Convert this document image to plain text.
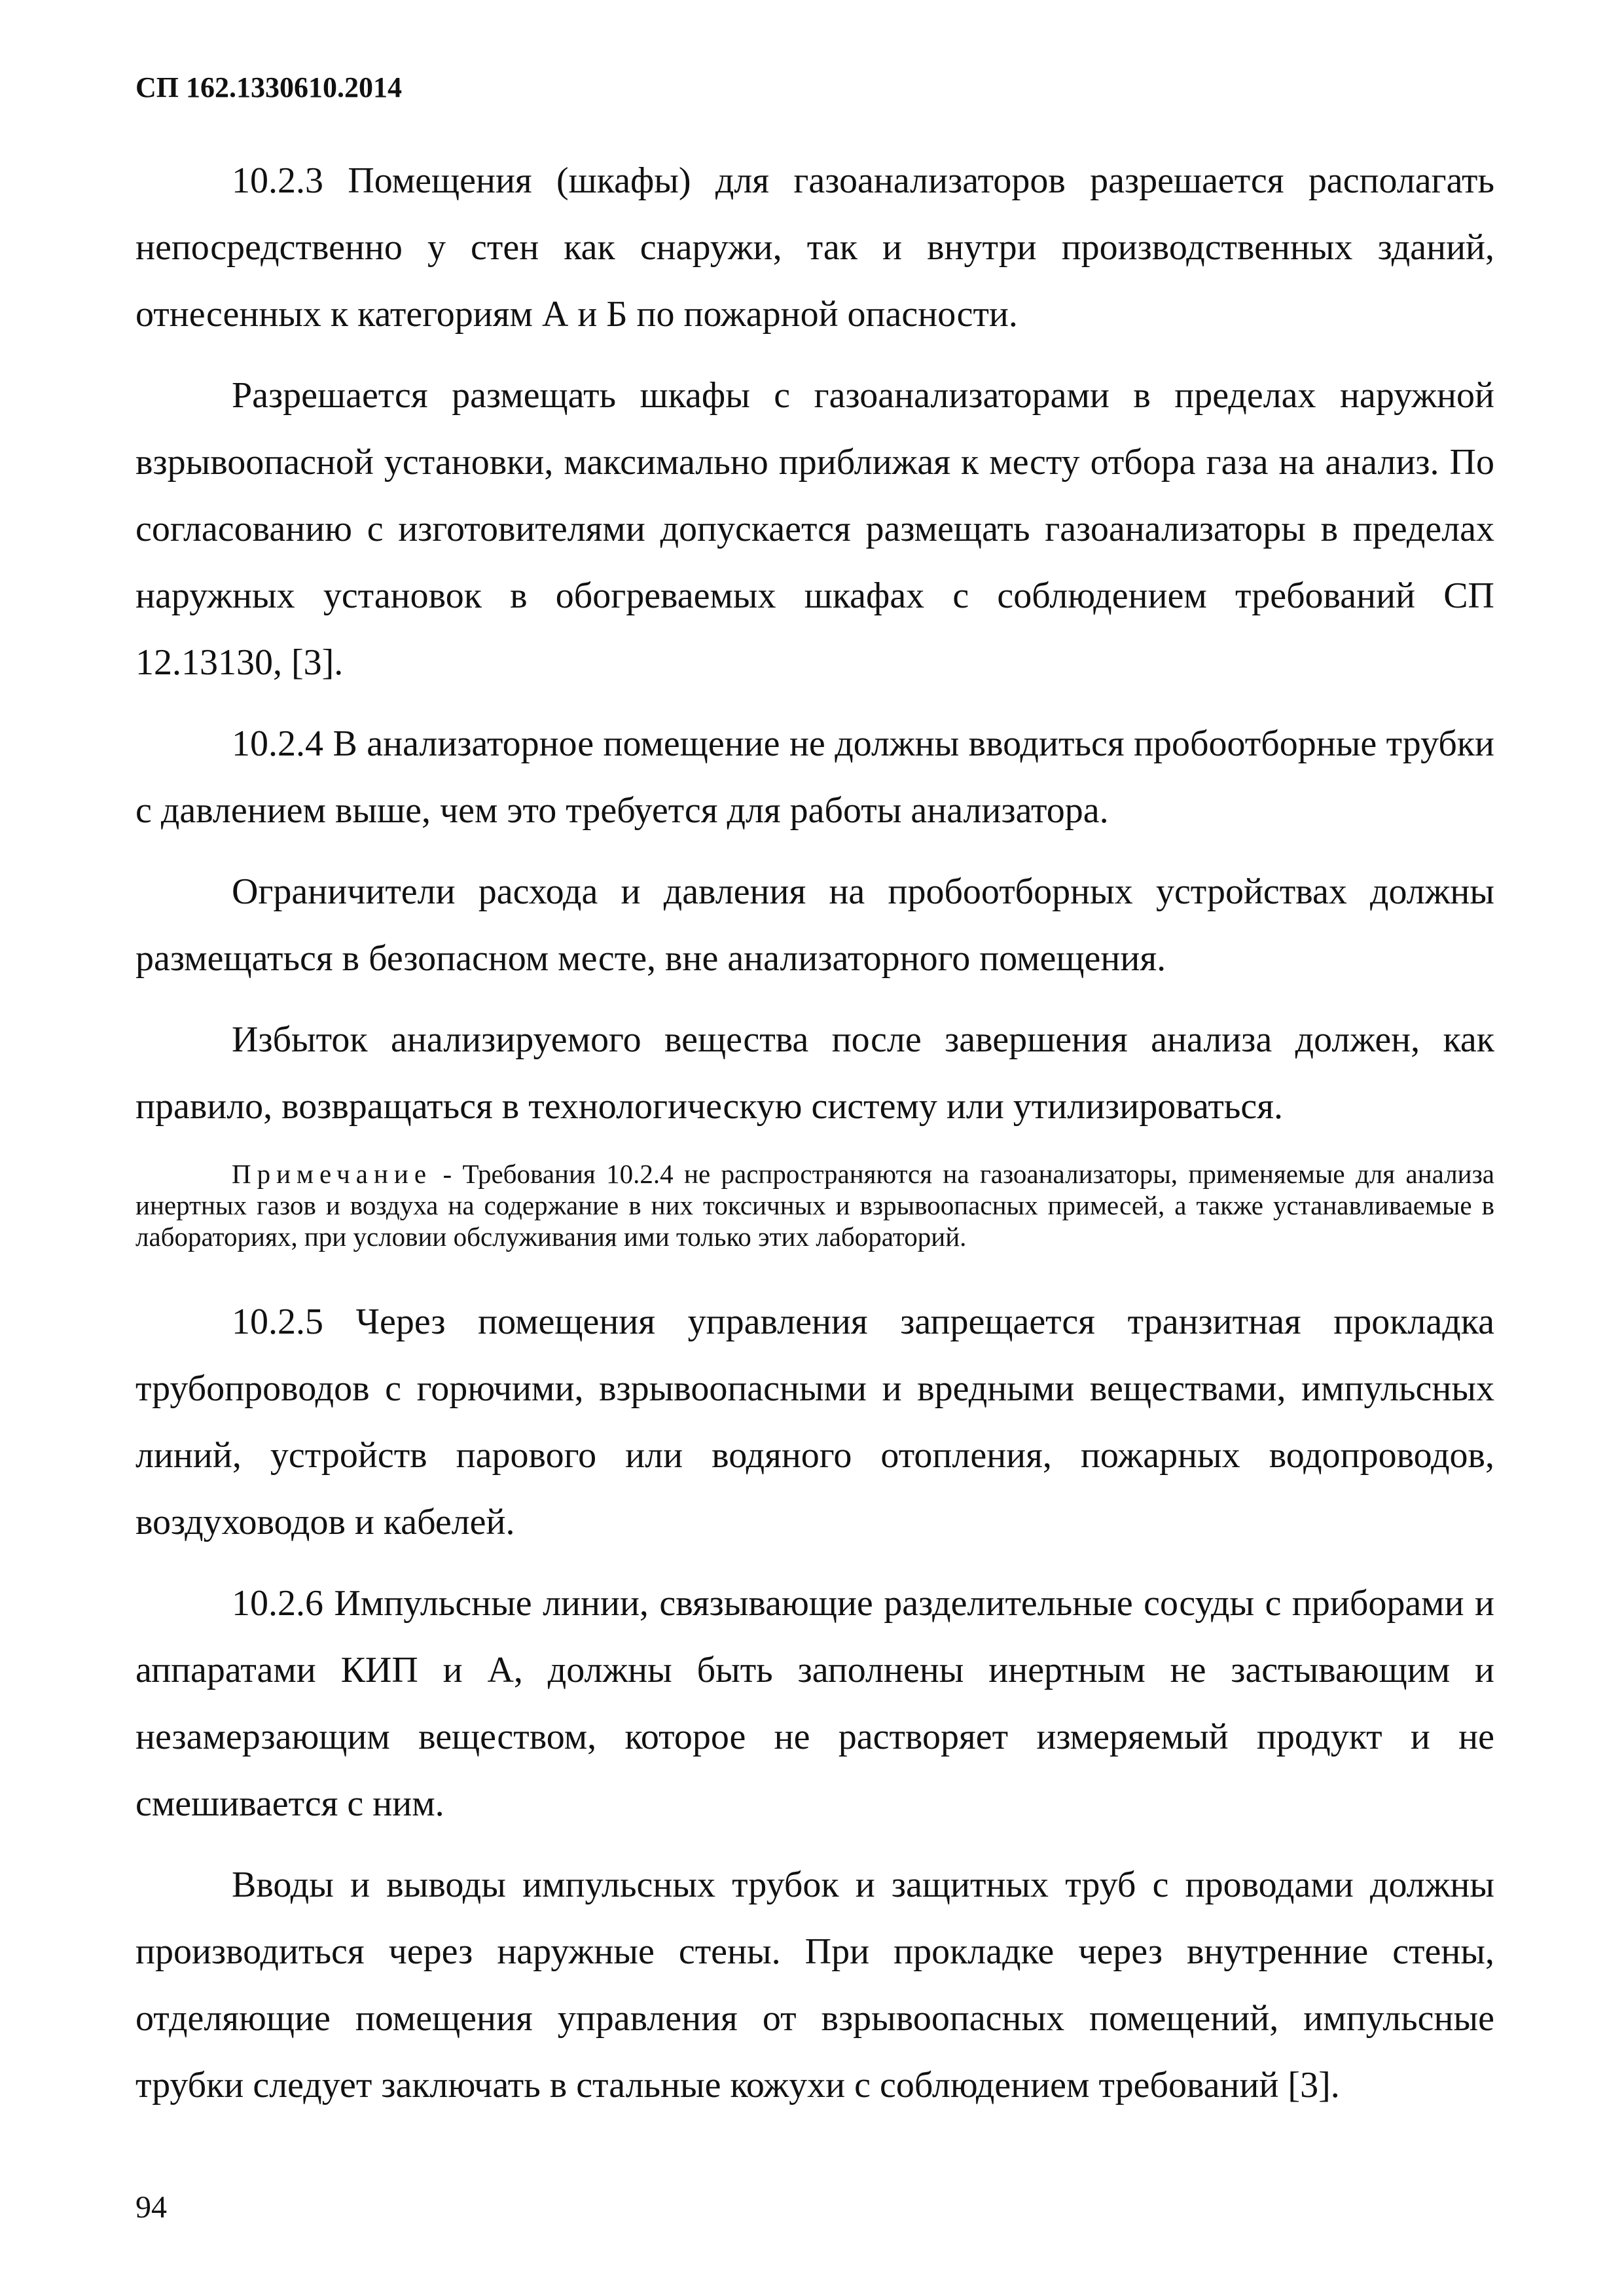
СП 162.1330610.2014

10.2.3 Помещения (шкафы) для газоанализаторов разрешается располагать непосредственно у стен как снаружи, так и внутри производственных зданий, отнесенных к категориям А и Б по пожарной опасности.

Разрешается размещать шкафы с газоанализаторами в пределах наружной взрывоопасной установки, максимально приближая к месту отбора газа на анализ. По согласованию с изготовителями допускается размещать газоанализаторы в пределах наружных установок в обогреваемых шкафах с соблюдением требований СП 12.13130, [3].

10.2.4 В анализаторное помещение не должны вводиться пробоотборные трубки с давлением выше, чем это требуется для работы анализатора.

Ограничители расхода и давления на пробоотборных устройствах должны размещаться в безопасном месте, вне анализаторного помещения.

Избыток анализируемого вещества после завершения анализа должен, как правило, возвращаться в технологическую систему или утилизироваться.

Примечание - Требования 10.2.4 не распространяются на газоанализаторы, применяемые для анализа инертных газов и воздуха на содержание в них токсичных и взрывоопасных примесей, а также устанавливаемые в лабораториях, при условии обслуживания ими только этих лабораторий.

10.2.5 Через помещения управления запрещается транзитная прокладка трубопроводов с горючими, взрывоопасными и вредными веществами, импульсных линий, устройств парового или водяного отопления, пожарных водопроводов, воздуховодов и кабелей.

10.2.6 Импульсные линии, связывающие разделительные сосуды с приборами и аппаратами КИП и А, должны быть заполнены инертным не застывающим и незамерзающим веществом, которое не растворяет измеряемый продукт и не смешивается с ним.

Вводы и выводы импульсных трубок и защитных труб с проводами должны производиться через наружные стены. При прокладке через внутренние стены, отделяющие помещения управления от взрывоопасных помещений, импульсные трубки следует заключать в стальные кожухи с соблюдением требований [3].

94
